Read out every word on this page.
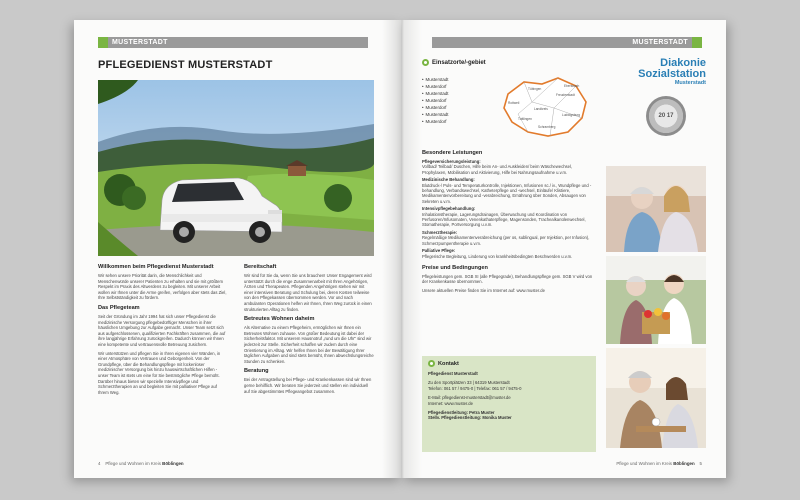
MUSTERSTADT
PFLEGEDIENST MUSTERSTADT
Willkommen beim Pflegedienst Musterstadt

Wir sehen unsere Priorität darin, die Menschlichkeit und Menschenwürde unserer Patienten zu erhalten und sie mit größtem Respekt im Praxis des Altwerdens zu begleiten. Mit unserer Arbeit wollen wir Ihnen unter die Arme greifen, verfolgen aber stets das Ziel, Ihre Selbstständigkeit zu fördern.

Das Pflegeteam

Seit der Gründung im Jahr 1994 hat sich unser Pflegedienst die medizinische Versorgung pflegebedürftiger Menschen in ihrer häuslichen Umgebung zur Aufgabe gemacht. Unser Team setzt sich aus aufgeschlossenen, qualifizierten Fachkräften zusammen, die auf ihre langjährige Erfahrung zurückgreifen. Dadurch können wir Ihnen eine kompetente und vertrauensvolle Betreuung zusichern.

Wir unterstützen und pflegen Sie in Ihren eigenen vier Wänden, in einer Atmosphäre von Vertrauen und Geborgenheit. Von der Grundpflege, über die Behandlungspflege mit lückenloser medizinischer Versorgung bis hinzu hauswirtschaftlichen Hilfen - unser Team ist stets um eine für Sie bestmögliche Pflege bemüht. Darüber hinaus bieten wir spezielle Intensivpflege und Schmerztherapien an und begleiten Sie mit palliativer Pflege auf Ihrem Weg.

Bereitschaft

Wir sind für Sie da, wenn Sie uns brauchen! Unser Engagement wird unterstützt durch die enge Zusammenarbeit mit Ihren Angehörigen, Ärzten und Therapeuten. Pflegenden Angehörigen stehen wir mit einer intensiven Beratung und Schulung bei, deren Kosten teilweise von den Pflegekassen übernommen werden. Vor und nach ambulanten Operationen helfen wir Ihnen, Ihren Weg zurück in einen strukturierten Alltag zu finden.

Betreutes Wohnen daheim

Als Alternative zu einem Pflegeheim, ermöglichen wir Ihnen ein Betreutes Wohnen zuhause. Von großer Bedeutung ist dabei der Sicherheitsfaktor. Mit unserem Hausnotruf „rund um die Uhr" sind wir jederzeit zur Stelle. Sicherheit schaffen wir zudem durch eine Orientierung im Alltag. Wir helfen Ihnen bei der Bewältigung Ihrer täglichen Aufgaben und sind stets bemüht, Ihnen abwechslungsreiche Stunden zu schenken.

Beratung

Bei der Antragstellung bei Pflege- und Krankenkassen sind wir Ihnen gerne behilflich. Wir beraten Sie jederzeit und stellen ein individuell auf Sie abgestimmtes Pflegeangebot zusammen.

4 Pflege und Wohnen im Kreis Böblingen
MUSTERSTADT
Einsatzorte/-gebiet
• Musterstadt
• Musterdorf
• Musterstadt
• Musterdorf
• Musterdorf
• Musterstadt
• Musterdorf
Ebersbach
Tübingen
Rottweil
Freudenstadt
Landkreis
Tuttlingen
Ludwigsburg
Schramberg
Diakonie
Sozialstation
Musterstadt
20 17
Besondere Leistungen
Pflegeversicherungsleistung:
Vollbad/ Teilbad/ Duschen, Hilfe beim An- und Auskleiden/ beim Wäschewechsel, Prophylaxen, Mobilisation und Aktivierung, Hilfe bei Nahrungsaufnahme u.v.m.
Medizinische Behandlung:
Blutdruck-/ Puls- und Temperaturkontrolle, Injektionen, Infusionen sc./ iv., Wundpflege und -behandlung, Verbandswechsel, Katheterpflege und -wechsel, Einläufe/ Klistiere, Medikamentenvorbereitung und -verabreichung, Ernährung über Sonden, Absaugen von Sekreten u.v.m.
Intensivpflegebehandlung:
Inhalationstherapie, Lagerungsdrainagen, Überwachung und Koordination von Perfusoren/Infusomaten, Venenkathaterpflege, Magensonden, Trachealkanülenwechsel, Stomatherapie, Portversorgung u.v.m.
Schmerztherapie:
Regelmäßige Medikamentenverabreichung (per os, sublingual, per Injektion, per Infusion), Schmerzpumpentherapie u.v.m.
Palliative Pflege:
Pflegerische Begleitung, Linderung von krankheitsbedingten Beschwerden u.v.m.
Preise und Bedingungen
Pflegeleistungen gem. SGB XI (alle Pflegegrade), Behandlungspflege gem. SGB V wird von der Krankenkasse übernommen.
Unsere aktuellen Preise finden Sie im Internet auf: www.muster.de
Kontakt

Pflegedienst Musterstadt

Zu den Sportplätzen 33 | 64319 Musterstadt
Telefon: 061 57 / 9475-0 | Telefax: 061 57 / 9475-0

E-Mail: pflegedienst-musterstadt@muster.de
Internet: www.muster.de

Pflegedienstleitung: Petra Muster
Stellv. Pflegedienstleitung: Monika Muster

Pflege und Wohnen im Kreis Böblingen 5
